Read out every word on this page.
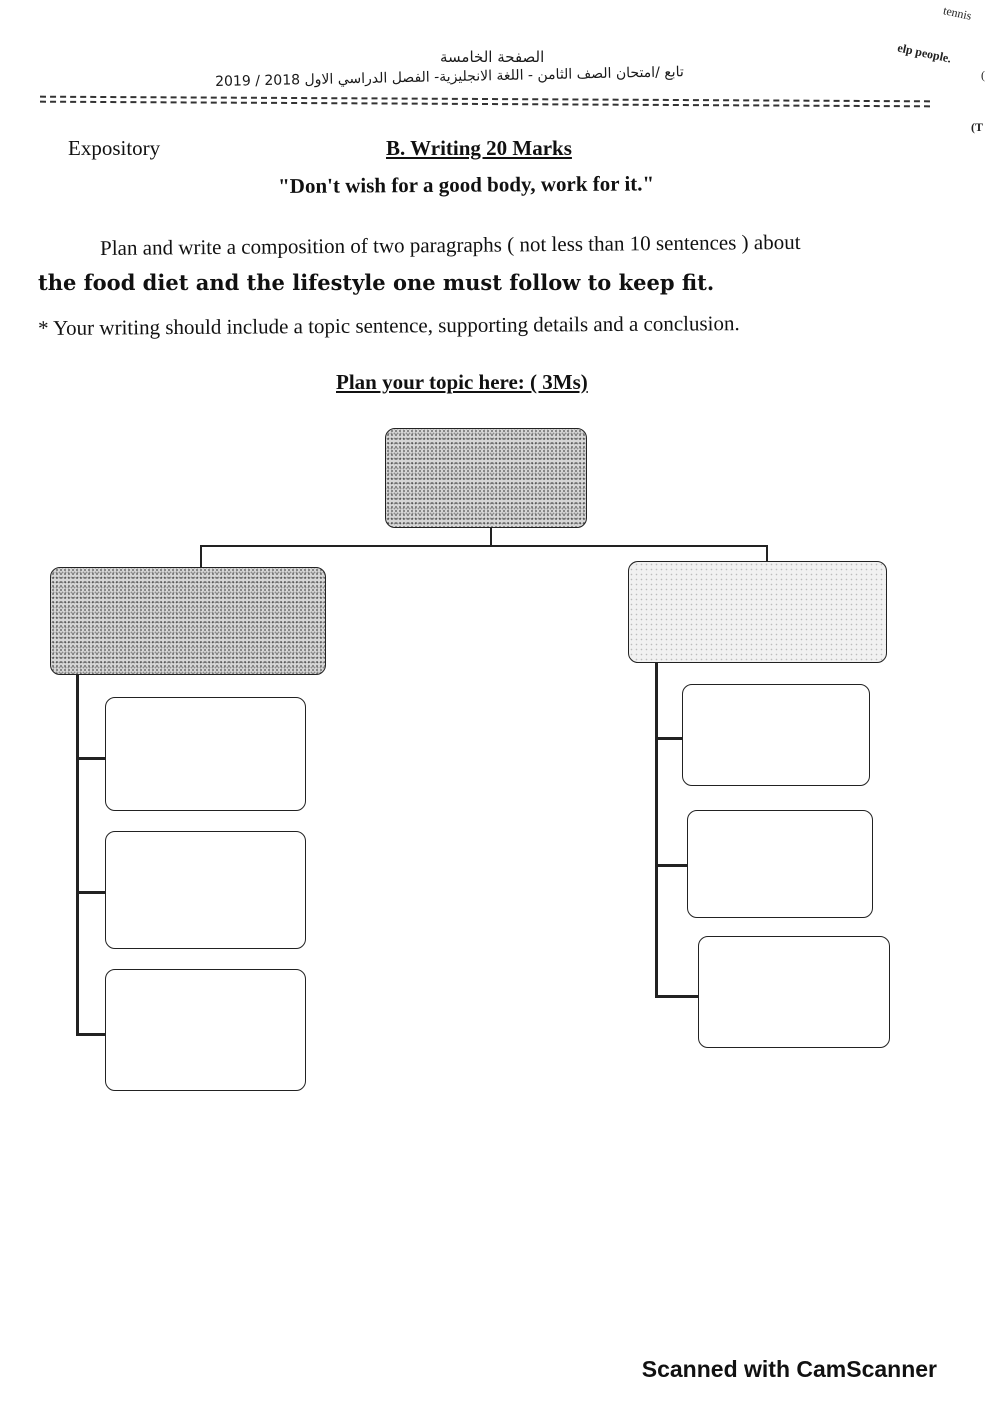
الصفحة الخامسة
تابع /امتحان الصف الثامن - اللغة الانجليزية- الفصل الدراسي الاول 2018 / 2019
tennis
elp people.
(
(T
Expository	B. Writing 20 Marks
"Don't wish for a good body, work for it."
Plan and write a composition of two paragraphs ( not less than 10 sentences ) about
the food diet and the lifestyle one must follow to keep fit.
* Your writing should include a topic sentence, supporting details and a conclusion.
Plan your topic here: ( 3Ms)
Scanned with CamScanner
